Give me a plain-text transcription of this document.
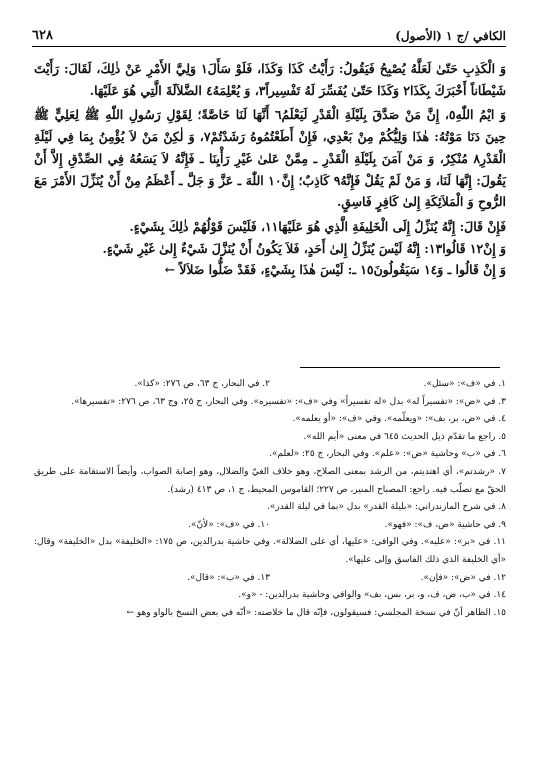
الكافي /ج ۱ (الأصول)
٦٢٨

وَ الْكَذِبِ حَتّىٰ لَعَلَّهُ يُصْبِحُ فَيَقُولُ: رَأَيْتُ كَذَا وَكَذَا، فَلَوْ سَأَلَ١ وَلِيَّ الأَمْرِ عَنْ ذٰلِكَ، لَقَالَ: رَأَيْتَ شَيْطَاناً أَخْبَرَكَ بِكَذَا٢ وَكَذَا حَتّىٰ يُفَسِّرَ لَهُ تَفْسِيراً٣، وَ يُعْلِمَهُ٤ الضَّلاَلَةَ الَّتِي هُوَ عَلَيْهَا.

وَ ايْمُ اللّٰهِ٥، إِنَّ مَنْ صَدَّقَ بِلَيْلَةِ الْقَدْرِ لَيَعْلَمُ٦ أَنَّهَا لَنَا خَاصَّةً؛ لِقَوْلِ رَسُولِ اللّٰهِ ﷺ لِعَلِيٍّ ﷺ حِينَ دَنَا مَوْتُهُ: هٰذَا وَلِيُّكُمْ مِنْ بَعْدِي، فَإِنْ أَطَعْتُمُوهُ رَشَدْتُمْ٧، وَ لٰكِنْ مَنْ لاَ يُؤْمِنُ بِمَا فِي لَيْلَةِ الْقَدْرِ٨ مُنْكِرٌ، وَ مَنْ آمَنَ بِلَيْلَةِ الْقَدْرِ ـ مِمَّنْ عَلىٰ غَيْرِ رَأْيِنَا ـ فَإِنَّهُ لاَ يَسَعُهُ فِي الصِّدْقِ إِلاَّ أَنْ يَقُولَ: إِنَّهَا لَنَا، وَ مَنْ لَمْ يَقُلْ فَإِنَّهُ٩ كَاذِبٌ؛ إِنَّ١٠ اللّٰهَ ـ عَزَّ وَ جَلَّ ـ أَعْظَمُ مِنْ أَنْ يُنَزِّلَ الأَمْرَ مَعَ الرُّوحِ وَ الْمَلاَئِكَةِ إِلىٰ كَافِرٍ فَاسِقٍ.

فَإِنْ قَالَ: إِنَّهُ يُنَزِّلُ إِلَى الْخَلِيفَةِ الَّذِي هُوَ عَلَيْهَا١١، فَلَيْسَ قَوْلُهُمْ ذٰلِكَ بِشَيْءٍ.

وَ إِنْ١٢ قَالُوا١٣: إِنَّهُ لَيْسَ يُنَزِّلُ إِلىٰ أَحَدٍ، فَلاَ يَكُونُ أَنْ يُنَزَّلَ شَيْءٌ إِلىٰ غَيْرِ شَيْءٍ.

وَ إِنْ قَالُوا ـ وَ١٤ سَيَقُولُونَ١٥ ـ: لَيْسَ هٰذَا بِشَيْءٍ، فَقَدْ ضَلُّوا ضَلاَلاً ←

١. في «ف»: «سئل».
٢. في البحار، ج ٦٣، ص ٢٧٦: «كذا».
٣. في «ض»: «تفسيراً له» بدل «له تفسيراً» وفي «ف»: «تفسيره». وفي البحار، ج ٢٥، وج ٦٣، ص ٢٧٦: «تفسيرها».
٤. في «ض، بر، بف»: «ويعلّمه». وفي «ف»: «أو يعلمه».
٥. راجع ما تقدّم ذيل الحديث ٦٤٥ في معنى «أيم الله».
٦. في «ب» وحاشية «ض»: «علم». وفي البحار، ج ٢٥: «لعلم».
٧. «رشدتم»، أي اهتديتم، من الرشد بمعنى الصلاح، وهو خلاف الغيّ والضلال، وهو إصابة الصواب، وأيضاً الاستقامة على طريق الحقّ مع تصلّب فيه. راجع: المصباح المنير، ص ٢٢٧؛ القاموس المحيط، ج ١، ص ٤١٣ (رشد).
٨. في شرح المازندراني: «بليلة القدر» بدل «بما في ليلة القدر».
٩. في حاشية «ض، ف»: «فهو».
١٠. في «ف»: «لأنّ».
١١. في «بر»: «عليه». وفي الوافي: «عليها، أي على الضلالة». وفي حاشية بدرالدين، ص ١٧٥: «الخليفة» بدل «الخليفة» وقال: «أي الخليفة الذي ذلك الفاسق وإلى عليها».
١٢. في «ض»: «فإن».
١٣. في «ب»: «قال».
١٤. في «ب، ض، ف، و، بر، بس، بف» والوافي وحاشية بدرالدين: - «و».
١٥. الظاهر أنّ في نسخة المجلسي: فسيقولون، فإنّه قال ما خلاصته: «أنّه في بعض النسخ بالواو وهو ←
